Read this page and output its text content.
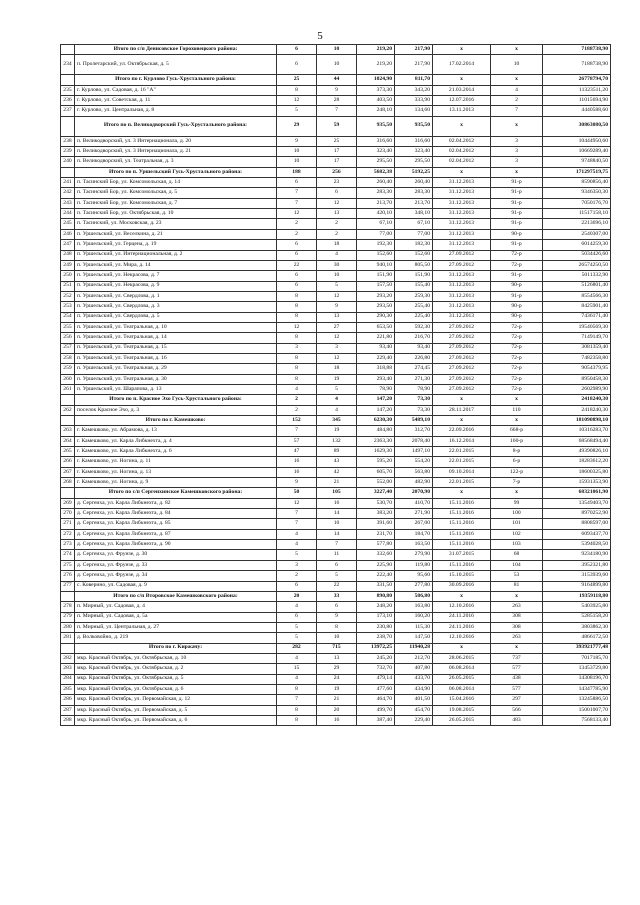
5
	Итого по с/п Денисовское Гороховецкого района:	6	10	219,20	217,90	x	x	7188738,90
234	п. Пролетарский, ул. Октябрьская, д. 5	6	10	219,20	217,90	17.02.2014	10	7188738,90
	Итого по г. Курлово Гусь-Хрустального района:	25	44	1024,90	811,70	x	x	26778794,70
235	г. Курлово, ул. Садовая, д. 16 "А"	8	9	373,30	343,20	21.03.2014	4	11323511,20
236	г. Курлово, ул. Советская, д. 11	12	28	403,50	333,90	12.07.2016	2	11015694,90
237	г. Курлово, ул. Центральная, д. 8	5	7	248,10	134,60	13.11.2013	7	4440588,60
	Итого по п. Великодворский Гусь-Хрустального района:	29	59	935,50	935,50	x	x	30863080,50
238	п. Великодворский, ул. 3 Интернационала, д. 20	9	25	316,60	316,60	02.04.2012	3	10444950,60
239	п. Великодворский, ул. 3 Интернационала, д. 21	10	17	323,40	323,40	02.04.2012	3	10669289,40
240	п. Великодворский, ул. Театральная, д. 3	10	17	295,50	295,50	02.04.2012	3	9748840,50
	Итого по п. Уршельский Гусь-Хрустального района:	188	256	5682,38	5192,25	x	x	171297519,75
241	п. Тасинский Бор, ул. Комсомольская, д. 14	6	23	260,40	260,40	31.12.2013	91-р	8590856,40
242	п. Тасинский Бор, ул. Комсомольская, д. 5	7	6	283,30	283,30	31.12.2013	91-р	9346350,30
243	п. Тасинский Бор, ул. Комсомольская, д. 7	7	12	213,70	213,70	31.12.2013	91-р	7050176,70
244	п. Тасинский Бор, ул. Октябрьская, д. 10	12	13	420,10	348,10	31.12.2013	91-р	11517158,10
245	п. Тасинский, ул. Московская, д. 23	2	2	67,10	67,10	31.12.2013	91-р	2213696,10
246	п. Уршельский, ул. Веселкина, д. 21	2	2	77,00	77,00	31.12.2013	90-р	2540307,00
247	п. Уршельский, ул. Герцена, д. 19	6	18	192,30	182,30	31.12.2013	91-р	6014259,30
248	п. Уршельский, ул. Интернациональная, д. 2	6	4	152,60	152,60	27.09.2012	72-р	5034426,60
249	п. Уршельский, ул. Мира, д. 14	22	30	940,10	805,50	27.09.2012	72-р	26574250,50
250	п. Уршельский, ул. Некрасова, д. 7	6	10	151,90	151,90	31.12.2013	91-р	5011332,90
251	п. Уршельский, ул. Некрасова, д. 9	6	5	157,50	155,40	31.12.2013	90-р	5126801,40
252	п. Уршельский, ул. Свердлова, д. 1	8	12	293,20	259,30	31.12.2013	91-р	8554566,30
253	п. Уршельский, ул. Свердлова, д. 3	8	9	293,50	255,40	31.12.2013	90-р	8425901,40
254	п. Уршельский, ул. Свердлова, д. 5	8	13	290,30	225,40	31.12.2013	90-р	7436171,40
255	п. Уршельский, ул. Театральная, д. 10	12	27	653,50	592,30	27.09.2012	72-р	19540569,30
256	п. Уршельский, ул. Театральная, д. 14	8	12	221,80	216,70	27.09.2012	72-р	7149149,70
257	п. Уршельский, ул. Театральная, д. 15	3	3	93,40	93,40	27.09.2012	72-р	3081359,40
258	п. Уршельский, ул. Театральная, д. 16	8	12	229,40	226,80	27.09.2012	72-р	7482358,80
259	п. Уршельский, ул. Театральная, д. 29	8	18	318,88	274,45	27.09.2012	72-р	9054379,95
260	п. Уршельский, ул. Театральная, д. 30	8	19	293,40	271,30	27.09.2012	72-р	8950458,30
261	п. Уршельский, ул. Шарапова, д. 13	4	5	78,90	78,90	27.09.2012	72-р	2602989,90
	Итого по п. Красное Эхо Гусь-Хрустального района:	2	4	147,20	73,30	x	x	2418240,30
262	поселок Красное Эхо, д. 3	2	4	147,20	73,30	28.11.2017	110	2418240,30
	Итого по г. Камешково:	152	345	6230,30	5489,10	x	x	181090898,10
263	г. Камешково, ул. Абрамова, д. 13	7	19	484,80	312,70	22.09.2016	668-р	10316283,70
264	г. Камешково, ул. Карла Либкнехта, д. 4	57	132	2363,30	2078,40	16.12.2014	160-р	68568494,40
265	г. Камешково, ул. Карла Либкнехта, д. 6	47	89	1629,30	1497,10	22.01.2015	8-р	49390826,10
266	г. Камешково, ул. Ногина, д. 11	16	43	595,20	554,20	22.01.2015	6-р	18283612,20
267	г. Камешково, ул. Ногина, д. 13	16	42	605,70	563,80	09.10.2014	122-р	18600325,80
268	г. Камешково, ул. Ногина, д. 9	9	21	552,00	482,90	22.01.2015	7-р	15931353,90
	Итого по с/п Сергеихинское Камешковского района:	50	105	3227,40	2070,90	x	x	68321061,90
269	д. Сергеиха, ул. Карла Либкнехта, д. 82	12	16	530,70	410,70	15.11.2016	99	13549403,70
270	д. Сергеиха, ул. Карла Либкнехта, д. 84	7	14	383,20	271,90	15.11.2016	100	8970252,90
271	д. Сергеиха, ул. Карла Либкнехта, д. 85	7	10	391,60	267,00	15.11.2016	101	8808597,00
272	д. Сергеиха, ул. Карла Либкнехта, д. 87	4	14	231,70	184,70	15.11.2016	102	6093437,70
273	д. Сергеиха, ул. Карла Либкнехта, д. 90	4	7	577,80	163,50	15.11.2016	103	5394028,50
274	д. Сергеиха, ул. Фрунзе, д. 30	5	11	332,60	279,90	31.07.2015	68	9234180,90
275	д. Сергеиха, ул. Фрунзе, д. 33	3	6	225,90	119,80	15.11.2016	104	3952321,80
276	д. Сергеиха, ул. Фрунзе, д. 34	2	5	222,40	95,60	15.10.2015	53	3153939,60
277	с. Коверино, ул. Садовая, д. 9	6	22	331,50	277,80	30.09.2016	81	9164899,80
	Итого по с/п Второвское Камешковского района:	20	33	890,80	586,80	x	x	19359118,80
278	п. Мирный, ул. Садовая, д. 4	4	6	248,20	163,80	12.10.2016	263	5403925,80
279	п. Мирный, ул. Садовая, д. 5а	6	9	173,10	160,20	24.11.2016	308	5285158,20
280	п. Мирный, ул. Центральная, д. 27	5	8	230,80	115,30	24.11.2016	308	3803862,30
281	д. Волковойно, д. 219	5	10	238,70	147,50	12.10.2016	263	4866172,50
	Итого по г. Киржачу:	282	715	13972,25	11940,28	x	x	393921777,48
282	мкр. Красный Октябрь, ул. Октябрьская, д. 10	4	13	245,20	212,70	28.06.2015	737	7017185,70
283	мкр. Красный Октябрь, ул. Октябрьская, д. 2	15	29	732,70	407,80	06.08.2014	577	13453729,80
284	мкр. Красный Октябрь, ул. Октябрьская, д. 5	4	24	479,14	433,70	26.05.2015	438	14308196,70
285	мкр. Красный Октябрь, ул. Октябрьская, д. 6	8	19	477,60	434,90	06.08.2014	577	14347785,90
286	мкр. Красный Октябрь, ул. Первомайская, д. 12	7	21	464,70	401,50	15.04.2016	297	13245886,50
287	мкр. Красный Октябрь, ул. Первомайская, д. 5	8	20	499,70	454,70	19.08.2015	566	15001007,70
288	мкр. Красный Октябрь, ул. Первомайская, д. 6	8	16	387,40	229,40	26.05.2015	483	7568133,40
